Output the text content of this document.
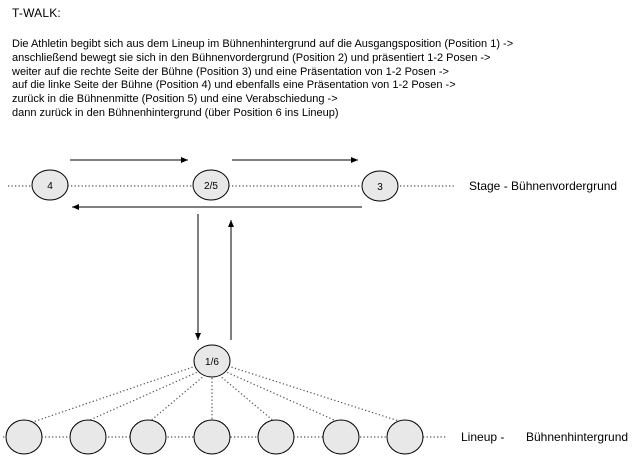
T-WALK:
Die Athletin begibt sich aus dem Lineup im Bühnenhintergrund auf die Ausgangsposition (Position 1) ->
anschließend bewegt sie sich in den Bühnenvordergrund (Position 2) und präsentiert 1-2 Posen ->
weiter auf die rechte Seite der Bühne (Position 3) und eine Präsentation von 1-2 Posen ->
auf die linke Seite der Bühne (Position 4) und ebenfalls eine Präsentation von 1-2 Posen ->
zurück in die Bühnenmitte (Position 5) und eine Verabschiedung ->
dann zurück in den Bühnenhintergrund (über Position 6 ins Lineup)
4	2/5	3
1/6
Stage - Bühnenvordergrund
Lineup - Bühnenhintergrund
